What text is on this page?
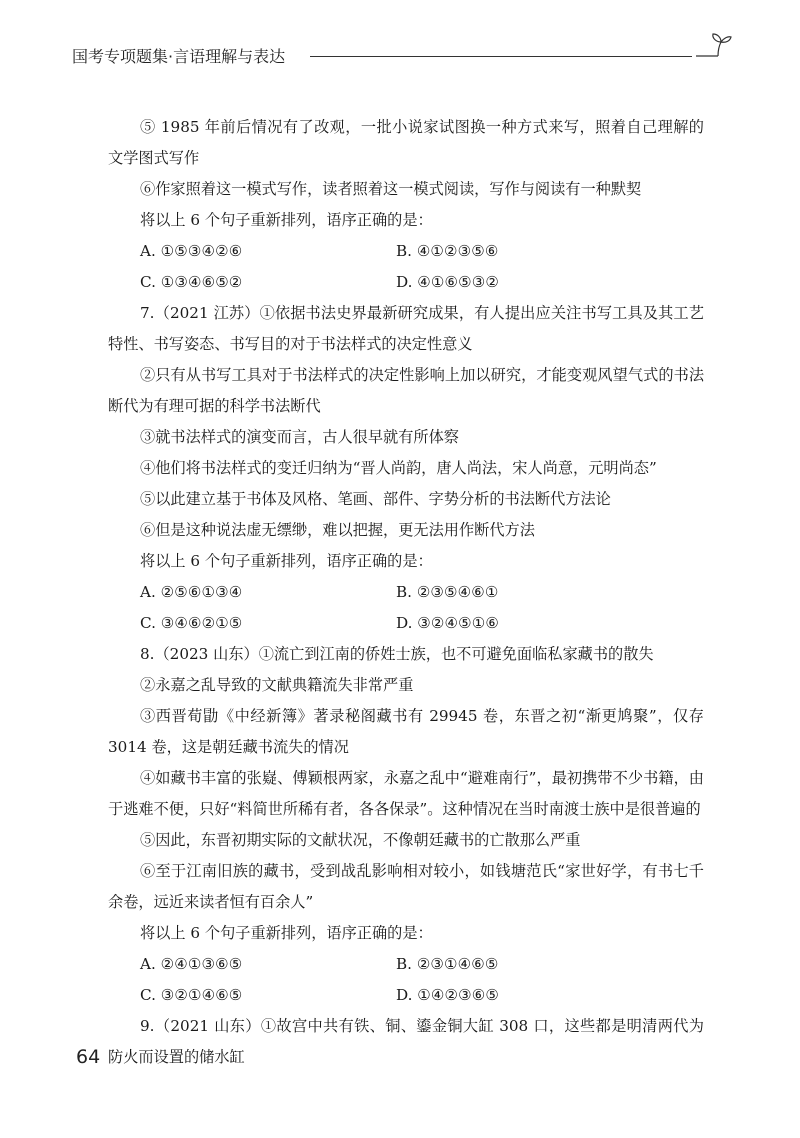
国考专项题集·言语理解与表达

⑤ 1985 年前后情况有了改观，一批小说家试图换一种方式来写，照着自己理解的文学图式写作

⑥作家照着这一模式写作，读者照着这一模式阅读，写作与阅读有一种默契

将以上 6 个句子重新排列，语序正确的是：

A. ①⑤③④②⑥	B. ④①②③⑤⑥
C. ①③④⑥⑤②	D. ④①⑥⑤③②

7.（2021 江苏）①依据书法史界最新研究成果，有人提出应关注书写工具及其工艺特性、书写姿态、书写目的对于书法样式的决定性意义

②只有从书写工具对于书法样式的决定性影响上加以研究，才能变观风望气式的书法断代为有理可据的科学书法断代

③就书法样式的演变而言，古人很早就有所体察

④他们将书法样式的变迁归纳为“晋人尚韵，唐人尚法，宋人尚意，元明尚态”

⑤以此建立基于书体及风格、笔画、部件、字势分析的书法断代方法论

⑥但是这种说法虚无缥缈，难以把握，更无法用作断代方法

将以上 6 个句子重新排列，语序正确的是：

A. ②⑤⑥①③④	B. ②③⑤④⑥①
C. ③④⑥②①⑤	D. ③②④⑤①⑥

8.（2023 山东）①流亡到江南的侨姓士族，也不可避免面临私家藏书的散失

②永嘉之乱导致的文献典籍流失非常严重

③西晋荀勖《中经新簿》著录秘阁藏书有 29945 卷，东晋之初“渐更鸠聚”，仅存 3014 卷，这是朝廷藏书流失的情况

④如藏书丰富的张嶷、傅颖根两家，永嘉之乱中“避难南行”，最初携带不少书籍，由于逃难不便，只好“料简世所稀有者，各各保录”。这种情况在当时南渡士族中是很普遍的

⑤因此，东晋初期实际的文献状况，不像朝廷藏书的亡散那么严重

⑥至于江南旧族的藏书，受到战乱影响相对较小，如钱塘范氏“家世好学，有书七千余卷，远近来读者恒有百余人”

将以上 6 个句子重新排列，语序正确的是：

A. ②④①③⑥⑤	B. ②③①④⑥⑤
C. ③②①④⑥⑤	D. ①④②③⑥⑤

9.（2021 山东）①故宫中共有铁、铜、鎏金铜大缸 308 口，这些都是明清两代为防火而设置的储水缸

64
